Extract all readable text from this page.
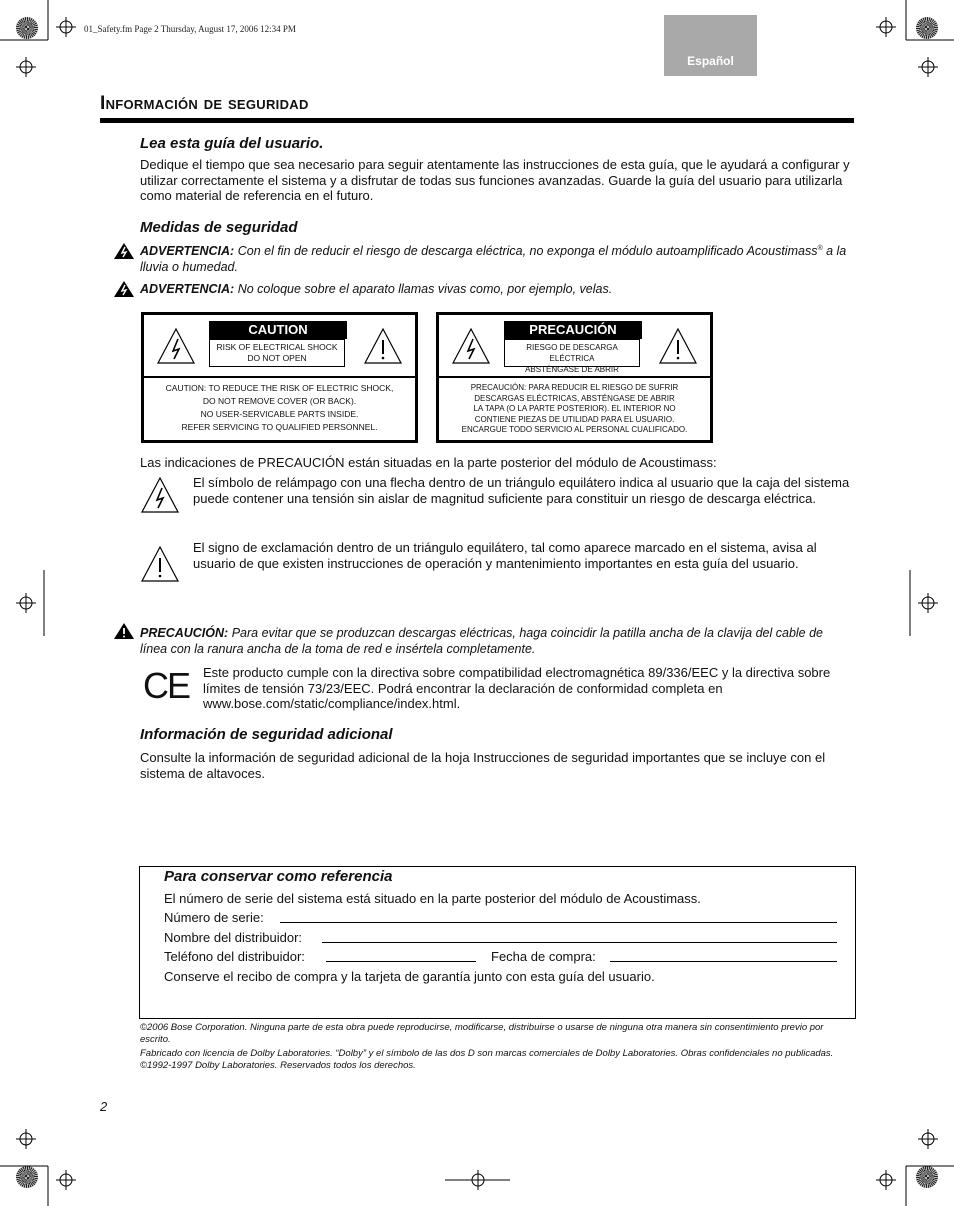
01_Safety.fm Page 2 Thursday, August 17, 2006 12:34 PM
Español
Información de seguridad
Lea esta guía del usuario.
Dedique el tiempo que sea necesario para seguir atentamente las instrucciones de esta guía, que le ayudará a configurar y utilizar correctamente el sistema y a disfrutar de todas sus funciones avanzadas. Guarde la guía del usuario para utilizarla como material de referencia en el futuro.
Medidas de seguridad
ADVERTENCIA: Con el fin de reducir el riesgo de descarga eléctrica, no exponga el módulo autoamplificado Acoustimass® a la lluvia o humedad.
ADVERTENCIA: No coloque sobre el aparato llamas vivas como, por ejemplo, velas.
CAUTION
RISK OF ELECTRICAL SHOCK
DO NOT OPEN
CAUTION: TO REDUCE THE RISK OF ELECTRIC SHOCK,
DO NOT REMOVE COVER (OR BACK).
NO USER-SERVICABLE PARTS INSIDE.
REFER SERVICING TO QUALIFIED PERSONNEL.
PRECAUCIÓN
RIESGO DE DESCARGA ELÉCTRICA
ABSTÉNGASE DE ABRIR
PRECAUCIÓN: PARA REDUCIR EL RIESGO DE SUFRIR
DESCARGAS ELÉCTRICAS, ABSTÉNGASE DE ABRIR
LA TAPA (O LA PARTE POSTERIOR). EL INTERIOR NO
CONTIENE PIEZAS DE UTILIDAD PARA EL USUARIO.
ENCARGUE TODO SERVICIO AL PERSONAL CUALIFICADO.
Las indicaciones de PRECAUCIÓN están situadas en la parte posterior del módulo de Acoustimass:
El símbolo de relámpago con una flecha dentro de un triángulo equilátero indica al usuario que la caja del sistema puede contener una tensión sin aislar de magnitud suficiente para constituir un riesgo de descarga eléctrica.
El signo de exclamación dentro de un triángulo equilátero, tal como aparece marcado en el sistema, avisa al usuario de que existen instrucciones de operación y mantenimiento importantes en esta guía del usuario.
PRECAUCIÓN: Para evitar que se produzcan descargas eléctricas, haga coincidir la patilla ancha de la clavija del cable de línea con la ranura ancha de la toma de red e insértela completamente.
CE Este producto cumple con la directiva sobre compatibilidad electromagnética 89/336/EEC y la directiva sobre límites de tensión 73/23/EEC. Podrá encontrar la declaración de conformidad completa en www.bose.com/static/compliance/index.html.
Información de seguridad adicional
Consulte la información de seguridad adicional de la hoja Instrucciones de seguridad importantes que se incluye con el sistema de altavoces.
Para conservar como referencia
El número de serie del sistema está situado en la parte posterior del módulo de Acoustimass.
Número de serie:
Nombre del distribuidor:
Teléfono del distribuidor:	Fecha de compra:
Conserve el recibo de compra y la tarjeta de garantía junto con esta guía del usuario.
©2006 Bose Corporation. Ninguna parte de esta obra puede reproducirse, modificarse, distribuirse o usarse de ninguna otra manera sin consentimiento previo por escrito.
Fabricado con licencia de Dolby Laboratories. “Dolby” y el símbolo de las dos D son marcas comerciales de Dolby Laboratories. Obras confidenciales no publicadas. ©1992-1997 Dolby Laboratories. Reservados todos los derechos.
2
